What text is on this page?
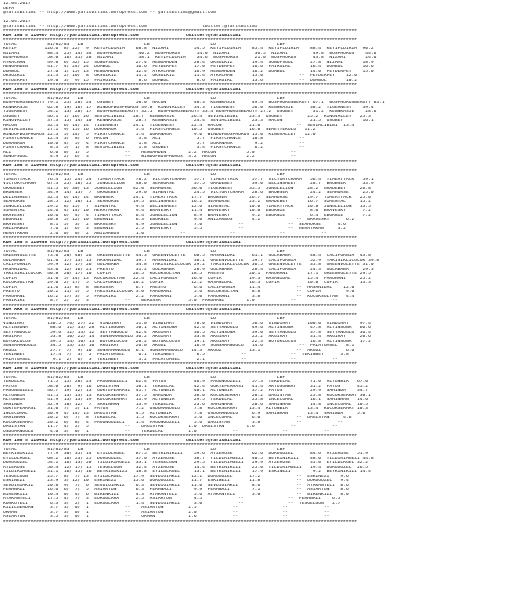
12.04.2017
UEFA
@YarisBilimi -- http://www.yarisbilimi.wordpress.com -- yarisbilimi@gmail.com
12.04.2017
@YarisBilimi -- http://www.yarisbilimi.wordpress.com                    twitter:@YarisBilimi
################################################################################################################################
KUM ING = 110467 http://yarisbilimi.wordpress.com                 twitter:@YarisBilimi
################################################################################################################################
TOTAL           81/82/83   LB                      LB                      LD                      LBF
KEYIF          126.6  8/ 22/  9  KEYIFLDIRIM    68.8  NIZAMI         54.5  KEYIFLDIRIM    85.4  KEYIFLDIRIM    88.4  KEYIFLDIRIM  90.2
NIZAMI          88.4  25/ 14/ 34  BOSPHORUS      40.2  BOSPHORUS      54.0  NIZAMI         36.5  NIZAMI         49.8  BOSPHORUS    44.6
BOSPHORUS       58.0  16/ 31/ 28  NIZAMI         38.1  KEYIFLDIRIM    34.6  BOSPHORUS      21.0  BOSPHORUS      43.8  NIZAMI       24.6
AYKACHAN        49.0  6/ 32/ 15  SONOFSOUL      27.4  HENGAHDEN      28.4  OKSUZKIZ       19.4  SONOFSOUL      27.8  NIZAMI       18.9
HENGAHDEN       41.7  4/ 24/ 24  DUMBUL         16.6  PEYDERPEY      17.0  PEYDERPEY      16.6  FAIRGIRL       16.4  DUMBUL       16.6
DUMBUL          27.6  1/ 15/ 13  HENGAHDEN      12.4  AYKACHAN       16.9  HENGAHDEN      16.2  DUMBUL         14.0  PEYDERPEY    15.0
OKSUZKIZ        21.3  2/ 10/  8  OKSUZKIZ       11.2  OKSUZKIZ       11.4  AYKACHAN       15.0             --  PEYDERPEY    12.0
PEYDERPEY       19.0  3/  9/ 15  FAIRGIRL        8.6  DUMBUL          8.6  FAIRGIRL       13.6             --  DUMBUL       10.2
################################################################################################################################
KUM ING = 110480 http://yarisbilimi.wordpress.com                 twitter:@YarisBilimi
################################################################################################################################
TOTAL           81/82/83   LB                      LB                      LD                      LBF
BOSPHORUSBEAUTY 79.1  25/ 20/ 24  OSOBEY        50.0  HACON          48.3  KENNKASJE      49.4  BOSPHORUSBEAUTY 67.1  BOSPHORUSBEAUTY 83.1
KENNKASJE       62.8  19/ 16/ 17  WINDOFBOSPHORUS 39.8  KINGVALLEY   34.3  TIGERNEST      56.0  KENNKASJE      38.2  TIGERNEST    39.4
TIGERNEST       54.2  13/ 20/ 17  BOSPHORUSBEAUTY 32.1  BOSPHORUSBEAUTY 33.4 BOSPHORUSBEAUTY 27.2  OSOBEY       31.2  KENNKASJE    28.6
OSOBEY          46.1  1/ 16/ 26  SEVIMLIBIBI   28.7  KENNKASJE      26.4  SEVIMLIBIBI    23.3  OSOBEY         25.2  KINGVALLEY   25.3
KINGVALLEY      37.3  15/ 14/ 10  KENNKASJE     28.7  KENNKASJE      24.4  SEVIMLIBIBI    23.3  HACON          21.5  OSOBEY       16.1
HACON           32.3  6/ 14/ 14  TIGERNEST     24.1  TIGERNEST      22.4  HACON          21.0             --  SEVIMLIBIBI  13.4
SEVIMLIBIBI     27.1  9/ 15/ 16  DURANAGA       5.4  FIRSTCHANCE    10.5  OSOBEY         16.8  SEMETYEKOLU   11.2
WINDOFBOSPHORUS 22.3  5/ 14/  5  FIRSTCHANCE    5.4  DURANAGA        9.0  WINDOFBOSPHORUS 15.0  KINGVALLEY   12.0
FIRSTCHANCE     12.4  3/  8/  6  HACON           3.8  ALI             5.7  FIRSTCHANCE    10.8             --
DURANAGA        10.6  4/  5/  4  FIRSTCHANCE     1.8  ALI             5.7  DURANAGA        9.2             --
FIRSTCHANCE      8.3  5/  1/  8  SEVIMLIBIBI     1.8  OSOBEY          3.4  FIRSTCHANCE     6.2             --
ALI              6.6  0/  1/  5             --    HENGAHDEN        2.2  HACON           5.0             --
SONOFSOUL        4.9  2/  6/  3             --    WINDOFBOSPHORUS  3.2  HACON           2.2             --
################################################################################################################################
KUM ING = 110450 http://yarisbilimi.wordpress.com                 twitter:@YarisBilimi
################################################################################################################################
TOTAL           81/82/83   LB                      LB                      LD                      LBF
TIMEATTACK      76.4  15/ 24/ 24  TIMEATTACK    78.2  VICTORYCHARM   57.7  TIMEATTACK     57.7  VICTORYCHARM   56.4  TIMEATTACK   59.1
VICTORYCHARM    67.3  25/ 18/ 25  JUNGLELION    48.0  SEAHORSE       37.5  GRADEBEY       39.0  DELINSHEET     28.7  BROWSER      33.9
GRADEBEY        41.5  6/ 30/ 13  JUNGLELION    42.0  SEAHORSE       36.0  TIGERNEST      35.5  JUNGLELION     28.2  GRADEBEY     26.8
BROWSER         34.9  14/ 13/  7  GRADEBEY      29.0  SIMENTAL       24.5  VICTORYCHARM   28.6  BROWSER        24.2  SEAHORSE     25.0
DELINSHEET      32.3  6/ 14/ 14  BROWSER       24.1  TIMEATTACK     17.7  BROWSER        26.7  SEAHORSE       19.7  TIMEATTACK   25.0
SEAHORSE        28.5  12/ 10/ 11  SEAHORSE     19.5  DELINSHEET     16.2  SEAHORSE       23.2  GRADEBEY       16.7  SIMENTAL     15.2
JUNGLELION      29.2  8/ 15/  7  SIMENTAL       9.4  DELINSHEET     12.6  SIMENTAL       10.0  TIMEATTACK     10.8  JUNGLELION   13.5
SIMENTAL        24.6  4/ 14/ 10  HERATAKAN      9.4  BRAVESKY       11.4  BRAVESKY       10.0  EBURNIE         8.0  BRAVESKY      7.2
BRAVESKY        10.6  6/  4/  4  TIMEATTACK     6.4  JUNGLELION      8.9  BRAVESKY        9.2  EBURNIE         6.4  EBURNIE       7.2
EBURNIE         20.8  5/ 12/ 10  EBURNIE        6.3  EBURNIE         9.0  ANIZARBOS       4.2             --  BRAVESKY      6.2
BRAVESKY         8.1  5/  3/  2  BRAVESKY       4.9  JUNGLELION      7.0             --                --  SEAHORSE      4.6
ANIZARBOS        7.6  1/  6/  3  EBURNIE        2.5  BRAVESKY        5.5             --                --  HERATAKAN     3.2
HERATAKAN        2.6  0/  0/  2  ANIZARBOS      1.0             --                --                --             --
################################################################################################################################
KUM ING = 110458 http://yarisbilimi.wordpress.com                 twitter:@YarisBilimi
################################################################################################################################
TOTAL           81/82/83   LB                      LB                      LD                      LBF
GREENVOLETTE    73.0  20/ 40/ 26  GREENVOLETTE  44.3  GREENVOLETTE   60.5  HASANIDAL      61.1  GULABABA       48.4  CALIFORNIA  43.0
GULABABA        61.0  17/ 13/ 13  HASANIDAL     39.7  HASANIDAL      38.1  GREENVOLETTE   59.7  CALIFORNIA     52.9  YAKISIKLICOCUK 39.8
CALIFORNIA      59.9  12/ 17/ 26  GULABABA      34.8  YAKISIKLICOCUK 29.2  YAKISIKLICOCUK 36.5  GREENVOLETTE   35.8  GREENVOLETTE 31.0
HASANIDAL       43.0  12/ 16/ 21  PRESTO        31.2  GULABABA       28.9  GULABABA       28.4  CALIFORNIA     24.3  GULABABA     29.3
YAKISIKLICOCUK  40.8  20/ 17/ 10  COFIA        26.5  KUCUKSULTAN    18.5  PRESTO         20.1  FARUHANI       17.1  GREENVOLETTE 29.5
COFIA           31.0  5/ 14/ 13  KUCUKSULTAN   22.4  CALIFORNIA     16.0  COFIA          19.3  HASANIDAL      15.4  FARUHANI     25.2
KUCUKSULTAN     29.0  2/ 17/  5  CALIFORNIA    20.2  COFIA          12.2  HASANIDAL      16.3  COFIA          10.8  COFIA        13.3
COFIA           21.6  11/ 8/  8  BERGSSA        6.7  PRESTO          6.6  CALIFORNIA     11.4             --  HASANIDAL    12.0
PRESTO          20.2  11/ 5/  5  YAKISIKLICOCUK 3.0  FARUHANI        5.6  KUCUKSULTAN     8.8             --  COFIA         9.0
FARUHANI        16.2  17/ 3/  5  FAHIKIKI       2.2  FARUHANI        5.0  FARUHANI        3.8             --  KUCUKSULTAN   4.4
FAHIKIKI         8.7  2/  2/  3             --    BERGSSA          5.0  FARUHANI        1.0             --             --
################################################################################################################################
KUM ARA = 110456 http://yarisbilimi.wordpress.com                 twitter:@YarisBilimi
################################################################################################################################
TOTAL           81/82/83   LB                      LB                      LD                      LBF
VINDIHAT        130.5  76/ 27/ 22  VINDIHAT     51.0  VINDIHAT       78.0  VINDIHAT       56.6  VINDIHAT      100.0  VINDIHAT    97.4
ALTINSUNA        88.6  11/ 33/ 28  ALTINSUNA    50.1  ALTINSUNA      42.4  SEYYANOGLU     49.6  ALTINSUNA      47.8  ALTINSUNA   66.6
SEYYANOGLU       59.6  12/ 13/ 12  SEYYANOGLU   42.4  AKGIRAY        36.5  ALTINSUNA      39.0  SEYYANOGLU     37.8  SEYYANOGLU  36.4
AKGIRAY          53.8  10/ 22/ 14  SUNSAMANOGLU 36.2  AKGIRAY        33.8  AKGIRAY        25.2  AKGIRAY        31.4  AKGIRAY     20.6
BOYUKLOCOS       39.5  14/ 10/ 13  BOYUKLOCOS   28.2  BOYUKLOCOS     19.1  AKGIRAY        22.3  BOYUKLOCOS     16.8  ALTINSUNA   17.2
SUNSAMANOGLU     34.5  13/ 13/ 10  AKGIRAY      26.0  AKGUZ          16.9  SUNSAMANOGLU   14.6             --  PALATUMSEL   8.1
AKGUZ            27.7  7/  9/ 10  SUNSAMANOGLU  6.1  SUNSAMANOGLU   14.3  AKGUZ          13.1             --  AKGUZ         6.6
TEKINBEY         17.4  7/  3/  5  PALATUMSEL     6.1  TEKINBEY        6.5             --                --  TEKINBEY      3.8
PALATUMSEL        9.1  2/  6/  3  TEKINBEY       3.2  PALATUMSEL      2.1             --                --             --
################################################################################################################################
KUM ING = 110458 http://yarisbilimi.wordpress.com                 twitter:@YarisBilimi
################################################################################################################################
TOTAL           81/82/83   LB                      LB                      LD                      LBF
TEKDELAL        71.5  15/ 28/ 23  PAGONGUZELI   62.4  FATOS          46.9  PAGONGUZELI    57.3  TEKDELAL       71.0  ALTUNBIR   67.0
FATOS           58.0  20/  9/ 16  DAGISTAN      50.1  TEKDELAL       42.4  GOKTEPEARASI   41.4  AKTOSUNBAY     31.2  FATOS      45.2
PAGONGUZELI     46.7  19/ 12/ 13  GOKTEPEARASI  41.7  ALTUNBIR       40.1  ALTUNBIR       37.2  FATOS          29.9  SAHINDA    34.7
ALTUNBIR        41.5  13/ 13/ 13  KUCUKSERHAT   37.5  SAHINDA        38.0  KUCUKSERHAT    28.2  DAGISTAN       25.8  KUCUKSERHAT 30.1
ALTUNBIR        41.9  13/ 13/ 19  KUCUKSERHAT   13.9  ALTUNBIR       29.5  TEKDELAL       25.8  INCECUMAL      16.1  SAHINHAN   14.6
SAHINDA         32.9  10/ 12/  7  SAHINHAN      13.9  TEKDELAL       23.6  SAHINHAN       20.6  SAHINHAN       14.8  INCECUMAL  10.5
GOKTEPEARASI    31.0  7/  5/ 11  FATOS          7.2  OSDUMANOGLU     7.8  KUCUKSERHAT    13.4  ALTUNBIR       13.4  KUCUKSERHAT 10.3
INCECUMAL       30.9  4/ 14/ 13  DAGISTAN       4.5  ALTUNBIR        7.8  OSDUMANOGLU     6.9  SAHINHAN       13.4  SAHINDA     5.0
SAHINHAN        20.2  6/  7/  8  TEKDELAL       1.5  KUCUKSERHAT     5.6  INCECUMAL       6.0             --  DAGISTAN     4.6
KUCUKSERHAT     20.2  6/  8/  4  PAGONGUZELI    1.4  PAGONGUZELI     5.6  DAGISTAN        3.8             --             --
DAGISTAN        11.7  4/  2/  5             --    DAGISTAN         1.0  DAGISTAN        1.6             --             --
OSDUMANOGLU      4.6  3/  0/  1             --    TEKDELAL         1.0             --                --             --
################################################################################################################################
KUM ING = 110452 http://yarisbilimi.wordpress.com                 twitter:@YarisBilimi
################################################################################################################################
TOTAL           81/82/83   LB                      LB                      LD                      LBF
BEYKINIKIZI     77.9  30/ 35/ 14  EYILDLRGEL    87.5  BEYKINIKIZI    59.6  AYZEROSE       62.6  DORUGUZEL      84.6  AYZEROSE   51.9
EYILDLRGEL      68.2  18/ 23/ 25  DORUGUZEL     37.0  AYZEROSE       38.7  YILDIRIMGEZI   40.5  BEYKINIKIZI    48.0  YILDIRIMGEZI 44.8
DORUGUZEL       54.1  16/ 13/ 20  YILDIRIMGEZI  33.1  TESGELGUN      29.5  YILDIRIMGEZI   29.9  AYZEROSE       35.0  EYILDLRGEL 32.2
AYZEROSE        50.4  12/ 17/ 15  TESGELGUN     32.4  AYZEROSE       14.4  BEYKINIKIZI    25.0  YILDIRIMGEZI   19.4  DORUGUZEL  26.5
YILDIRIMGEZI    31.1  16/ 15/ 16  BEYKINIKIZI   18.8  EYILDLRGEL     13.1  BEYKINIKIZI    17.9  ESKINEZI        9.2  BEYKINIKIZI 14.4
TESGELGUN       25.7  8/  7/ 13  EYILDLRGEL    17.9  SEVDIGIMKIZ    12.1  DORUGUZEL      17.2             --  ESKINEZI    9.6
ESKINEZI        23.9  3/ 12/ 10  ESKINEZI      15.6  DORUGUZEL      11.7  ESKINEZI       11.8             --  DORUGUZEL   9.4
SEVDIGIMKIZ     20.8  9/  7/  6  SEVDIGIMKIZ    6.3  SEVDIGIMKIZ    11.0  SEVDIGIMKIZ     8.6             --  ATAKANYELI  8.6
FERHNAZI        16.6  6/  7/  5  ASIARTUN       6.3  FERHNAZI        9.9  FERHNAZI        7.1             --  ASIARTUN    8.6
BIRENKIZI       10.4  0/  4/  6  BIRENKIZI      4.3  ATAKANYELI      5.6  ATAKANYELI      3.0             --  BIRENKIZI   8.0
ATAKANYELI      17.5  4/  7/  3  EORGULARA      2.5  ASIARTUN        4.5             --                --  FERHNAZI    6.5
KORKUTELI        6.3  3/  2/  1  EORGULARA      1.4  SEVDIGIMKIZ     3.0             --                --  TESGELGUN   2.7
KIZILGERDAN      3.7  3/  0/  1             --    ASIARTUN         2.5             --                --             --
ORMAN            3.7  3/  0/  1             --    ASIARTUN         2.0             --                --             --
ASIARTUN         3.5  3/  0/  1             --    ORMAN            1.6             --                --             --
################################################################################################################################
